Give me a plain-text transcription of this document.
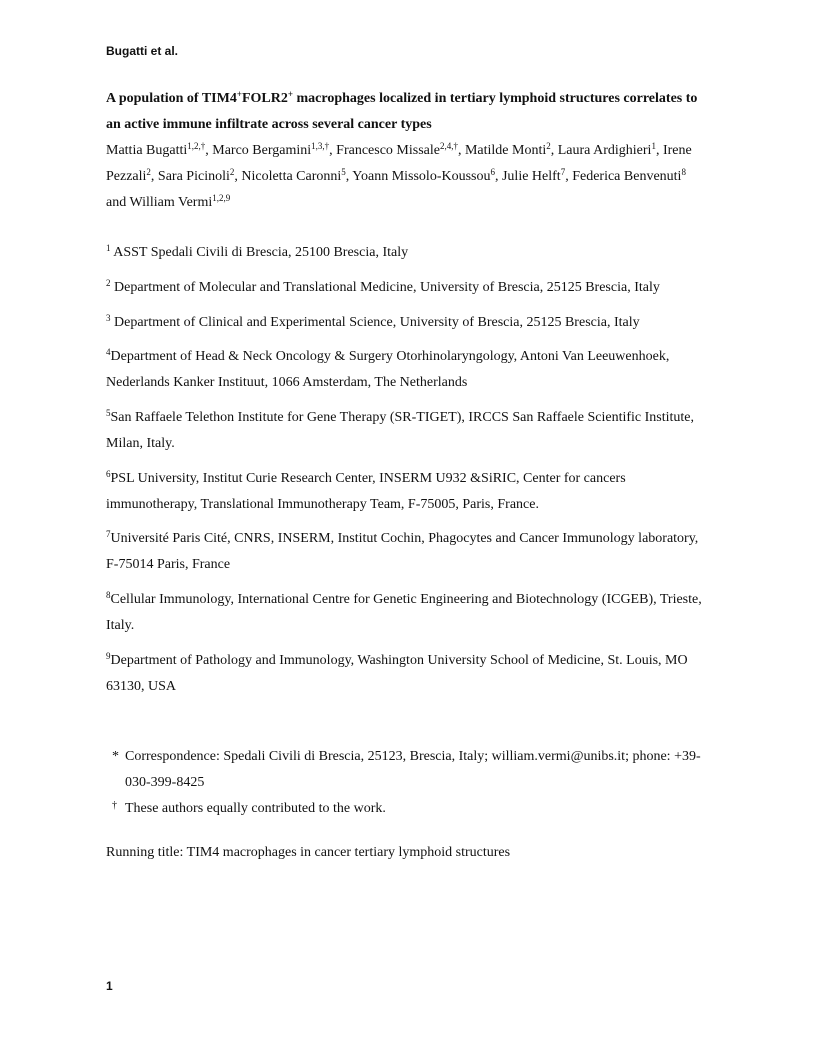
Bugatti et al.
A population of TIM4+FOLR2+ macrophages localized in tertiary lymphoid structures correlates to an active immune infiltrate across several cancer types
Mattia Bugatti$^{1,2,\dagger}$, Marco Bergamini$^{1,3,\dagger}$, Francesco Missale$^{2,4,\dagger}$, Matilde Monti$^2$, Laura Ardighieri$^1$, Irene Pezzali$^2$, Sara Picinoli$^2$, Nicoletta Caronni$^5$, Yoann Missolo-Koussou$^6$, Julie Helft$^7$, Federica Benvenuti$^8$ and William Vermi$^{1,2,9}$
$^1$ ASST Spedali Civili di Brescia, 25100 Brescia, Italy
$^2$ Department of Molecular and Translational Medicine, University of Brescia, 25125 Brescia, Italy
$^3$ Department of Clinical and Experimental Science, University of Brescia, 25125 Brescia, Italy
$^4$Department of Head & Neck Oncology & Surgery Otorhinolaryngology, Antoni Van Leeuwenhoek, Nederlands Kanker Instituut, 1066 Amsterdam, The Netherlands
$^5$San Raffaele Telethon Institute for Gene Therapy (SR-TIGET), IRCCS San Raffaele Scientific Institute, Milan, Italy.
$^6$PSL University, Institut Curie Research Center, INSERM U932 &SiRIC, Center for cancers immunotherapy, Translational Immunotherapy Team, F-75005, Paris, France.
$^7$Université Paris Cité, CNRS, INSERM, Institut Cochin, Phagocytes and Cancer Immunology laboratory, F-75014 Paris, France
$^8$Cellular Immunology, International Centre for Genetic Engineering and Biotechnology (ICGEB), Trieste, Italy.
$^9$Department of Pathology and Immunology, Washington University School of Medicine, St. Louis, MO 63130, USA
* Correspondence: Spedali Civili di Brescia, 25123, Brescia, Italy; william.vermi@unibs.it; phone: +39-030-399-8425
† These authors equally contributed to the work.
Running title: TIM4 macrophages in cancer tertiary lymphoid structures
1
